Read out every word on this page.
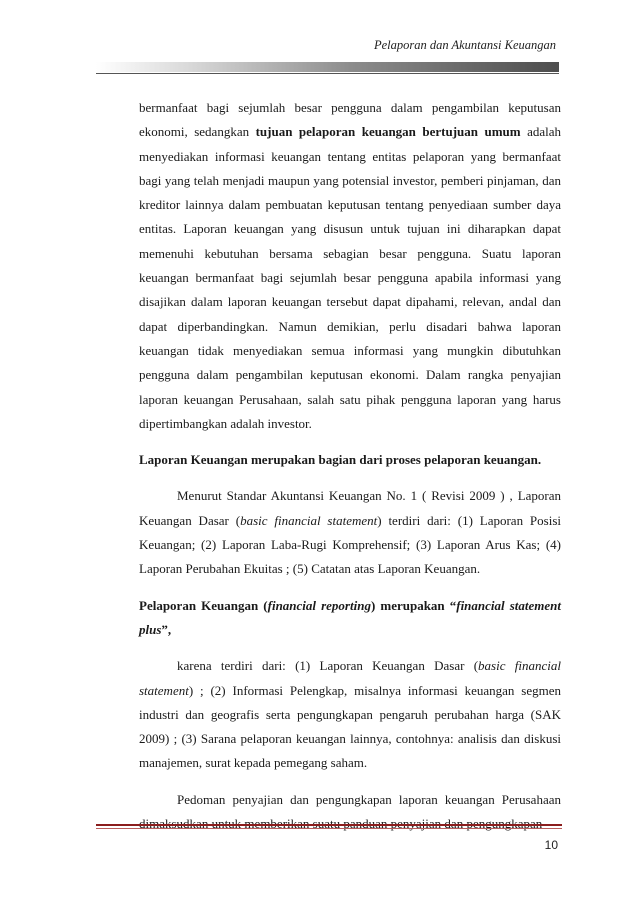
Pelaporan dan Akuntansi Keuangan

bermanfaat bagi sejumlah besar pengguna dalam pengambilan keputusan ekonomi, sedangkan tujuan pelaporan keuangan bertujuan umum adalah menyediakan informasi keuangan tentang entitas pelaporan yang bermanfaat bagi yang telah menjadi maupun yang potensial investor, pemberi pinjaman, dan kreditor lainnya dalam pembuatan keputusan tentang penyediaan sumber daya entitas. Laporan keuangan yang disusun untuk tujuan ini diharapkan dapat memenuhi kebutuhan bersama sebagian besar pengguna. Suatu laporan keuangan bermanfaat bagi sejumlah besar pengguna apabila informasi yang disajikan dalam laporan keuangan tersebut dapat dipahami, relevan, andal dan dapat diperbandingkan. Namun demikian, perlu disadari bahwa laporan keuangan tidak menyediakan semua informasi yang mungkin dibutuhkan pengguna dalam pengambilan keputusan ekonomi. Dalam rangka penyajian laporan keuangan Perusahaan, salah satu pihak pengguna laporan yang harus dipertimbangkan adalah investor.

Laporan Keuangan merupakan bagian dari proses pelaporan keuangan.

Menurut Standar Akuntansi Keuangan No. 1 ( Revisi 2009 ) , Laporan Keuangan Dasar (basic financial statement) terdiri dari: (1) Laporan Posisi Keuangan; (2) Laporan Laba-Rugi Komprehensif; (3) Laporan Arus Kas; (4) Laporan Perubahan Ekuitas ; (5) Catatan atas Laporan Keuangan.

Pelaporan Keuangan (financial reporting) merupakan “financial statement plus”,

karena terdiri dari: (1) Laporan Keuangan Dasar (basic financial statement) ; (2) Informasi Pelengkap, misalnya informasi keuangan segmen industri dan geografis serta pengungkapan pengaruh perubahan harga (SAK 2009) ; (3) Sarana pelaporan keuangan lainnya, contohnya: analisis dan diskusi manajemen, surat kepada pemegang saham.

Pedoman penyajian dan pengungkapan laporan keuangan Perusahaan

10
